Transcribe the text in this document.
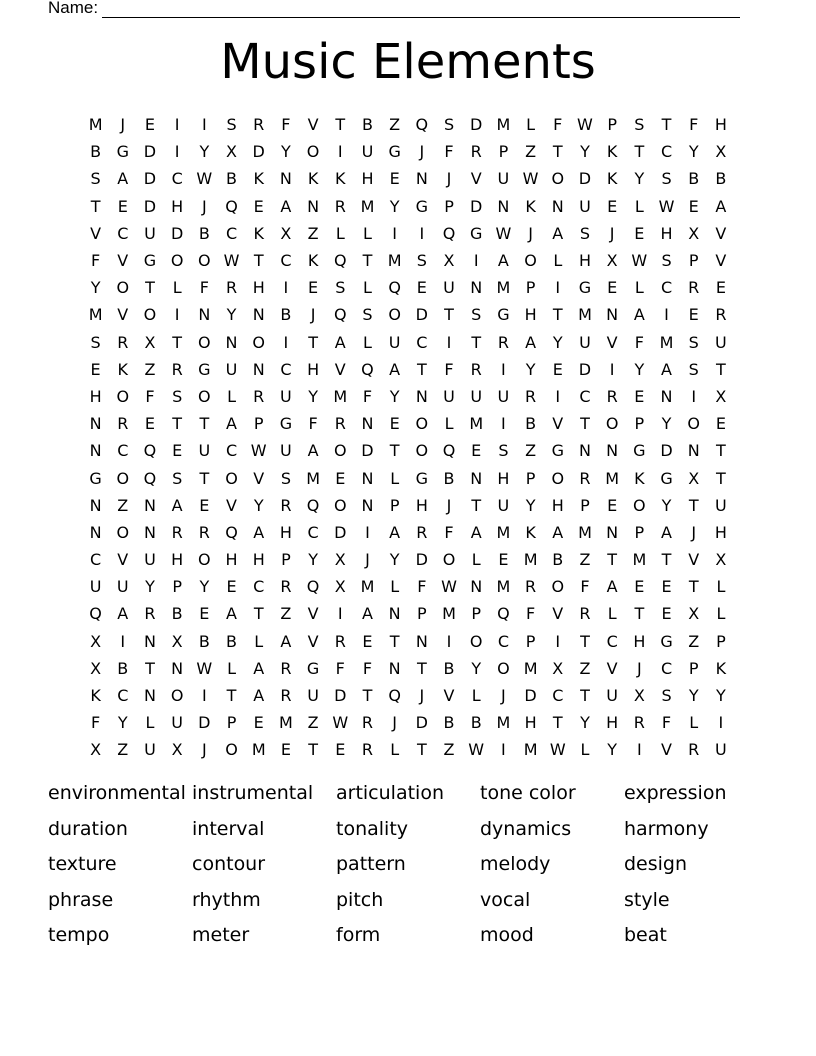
Name:
Music Elements
M	J	E	I	I	S	R	F	V	T	B	Z Q S D M L	F W P	S	T	F	H
B G D	I	Y	X D	Y	O	I	U G	J	F	R	P	Z	T	Y	K	T	C	Y	X
S	A D C W B	K N K	K H	E	N	J	V U W O D K	Y	S	B	B
T	E D H	J	Q E	A N R M Y	G	P	D N K N U	E	L W E	A
V	C U D B	C	K	X	Z	L	L	I	I	Q G W	J	A	S	J	E	H X	V
F	V G O O W T	C	K Q	T M S	X	I	A O	L	H X W S	P	V
Y	O	T	L	F	R H	I	E	S	L	Q E	U N M P	I	G E	L	C	R	E
M V O	I	N	Y	N B	J	Q S O D	T	S G H	T M N A	I	E	R
S	R	X	T	O N O	I	T	A	L	U C	I	T	R	A	Y	U V	F M S	U
E	K	Z	R G U N C H V Q A	T	F	R	I	Y	E D	I	Y	A	S	T
H O	F	S O	L	R U	Y M F	Y	N U U U R	I	C	R	E	N	I	X
N R	E	T	T	A	P	G	F	R N	E O	L M	I	B	V	T	O	P	Y	O E
N C Q E	U C W U A O D	T	O Q E	S	Z G N N G D N	T
G O Q S	T	O V	S M E	N	L	G B N H	P	O R M K G X	T
N Z N A	E	V	Y	R Q O N	P	H	J	T	U	Y	H	P	E O	Y	T	U
N O N R	R Q A H C D	I	A	R	F	A M K	A M N	P	A	J	H
C	V U H O H H	P	Y	X	J	Y	D O	L	E M B	Z	T M T	V	X
U U	Y	P	Y	E	C	R Q X M L	F W N M R O	F	A	E	E	T	L
Q A	R	B	E	A	T	Z	V	I	A N	P M P	Q	F	V	R	L	T	E	X	L
X	I	N X	B	B	L	A	V	R	E	T	N	I	O C	P	I	T	C H G Z	P
X	B	T	N W L	A	R G	F	F	N	T	B	Y	O M X	Z	V	J	C	P	K
K	C N O	I	T	A	R U D	T	Q	J	V	L	J	D C	T	U X	S	Y	Y
F	Y	L	U D	P	E M Z W R	J	D B	B M H	T	Y	H R	F	L	I
X	Z U X	J	O M E	T	E	R	L	T	Z W	I	M W L	Y	I	V	R U
environmental instrumental	articulation	tone color	expression
duration	interval	tonality	dynamics	harmony
texture	contour	pattern	melody	design
phrase	rhythm	pitch	vocal	style
tempo	meter	form	mood	beat
